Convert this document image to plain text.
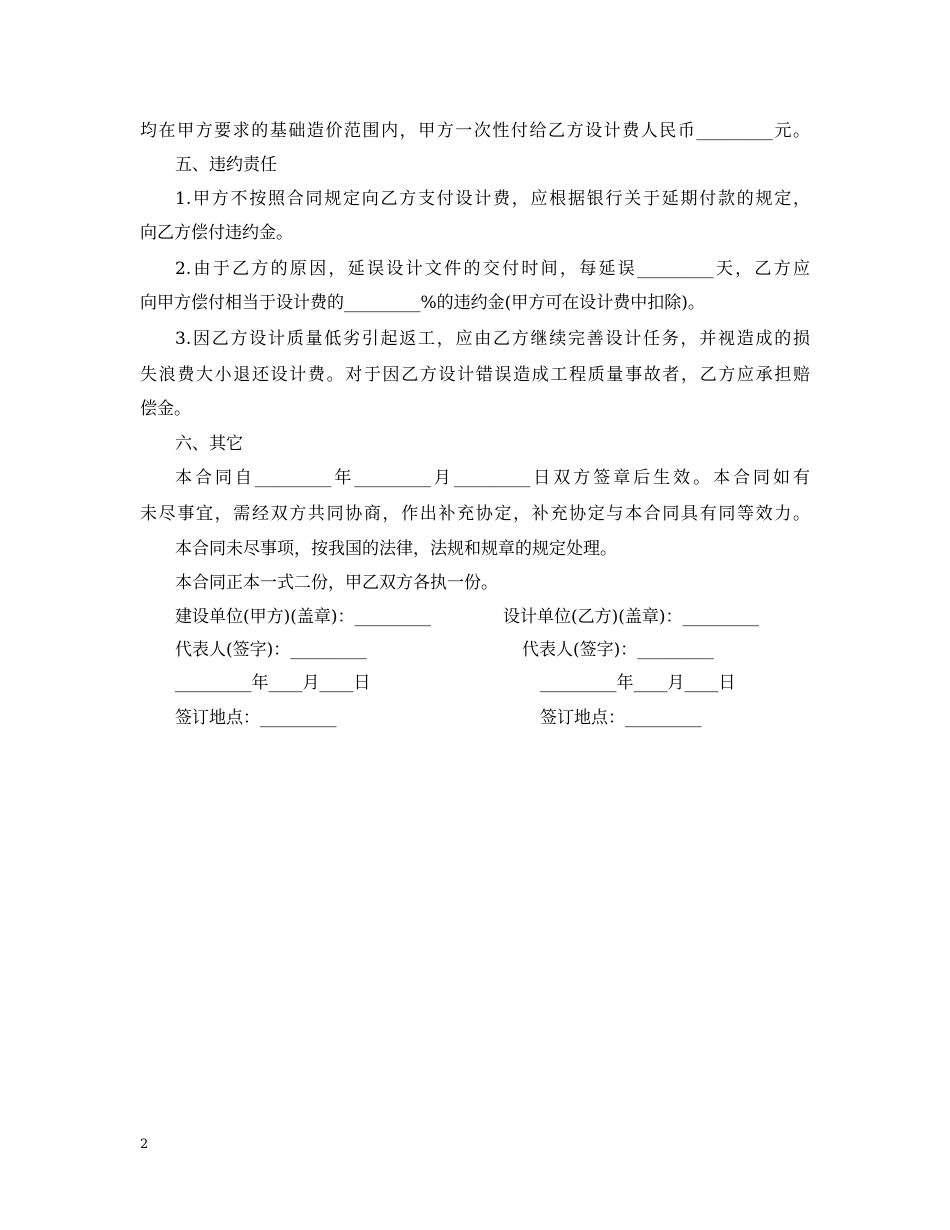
均在甲方要求的基础造价范围内，甲方一次性付给乙方设计费人民币_________元。
五、违约责任
1.甲方不按照合同规定向乙方支付设计费，应根据银行关于延期付款的规定，
向乙方偿付违约金。
2.由于乙方的原因，延误设计文件的交付时间，每延误_________天，乙方应
向甲方偿付相当于设计费的_________%的违约金(甲方可在设计费中扣除)。
3.因乙方设计质量低劣引起返工，应由乙方继续完善设计任务，并视造成的损
失浪费大小退还设计费。对于因乙方设计错误造成工程质量事故者，乙方应承担赔
偿金。
六、其它
本合同自_________年_________月_________日双方签章后生效。本合同如有
未尽事宜，需经双方共同协商，作出补充协定，补充协定与本合同具有同等效力。
本合同未尽事项，按我国的法律，法规和规章的规定处理。
本合同正本一式二份，甲乙双方各执一份。
建设单位(甲方)(盖章)：_________	设计单位(乙方)(盖章)：_________
代表人(签字)：_________	代表人(签字)：_________
_________年____月____日	_________年____月____日
签订地点：_________	签订地点：_________
2
